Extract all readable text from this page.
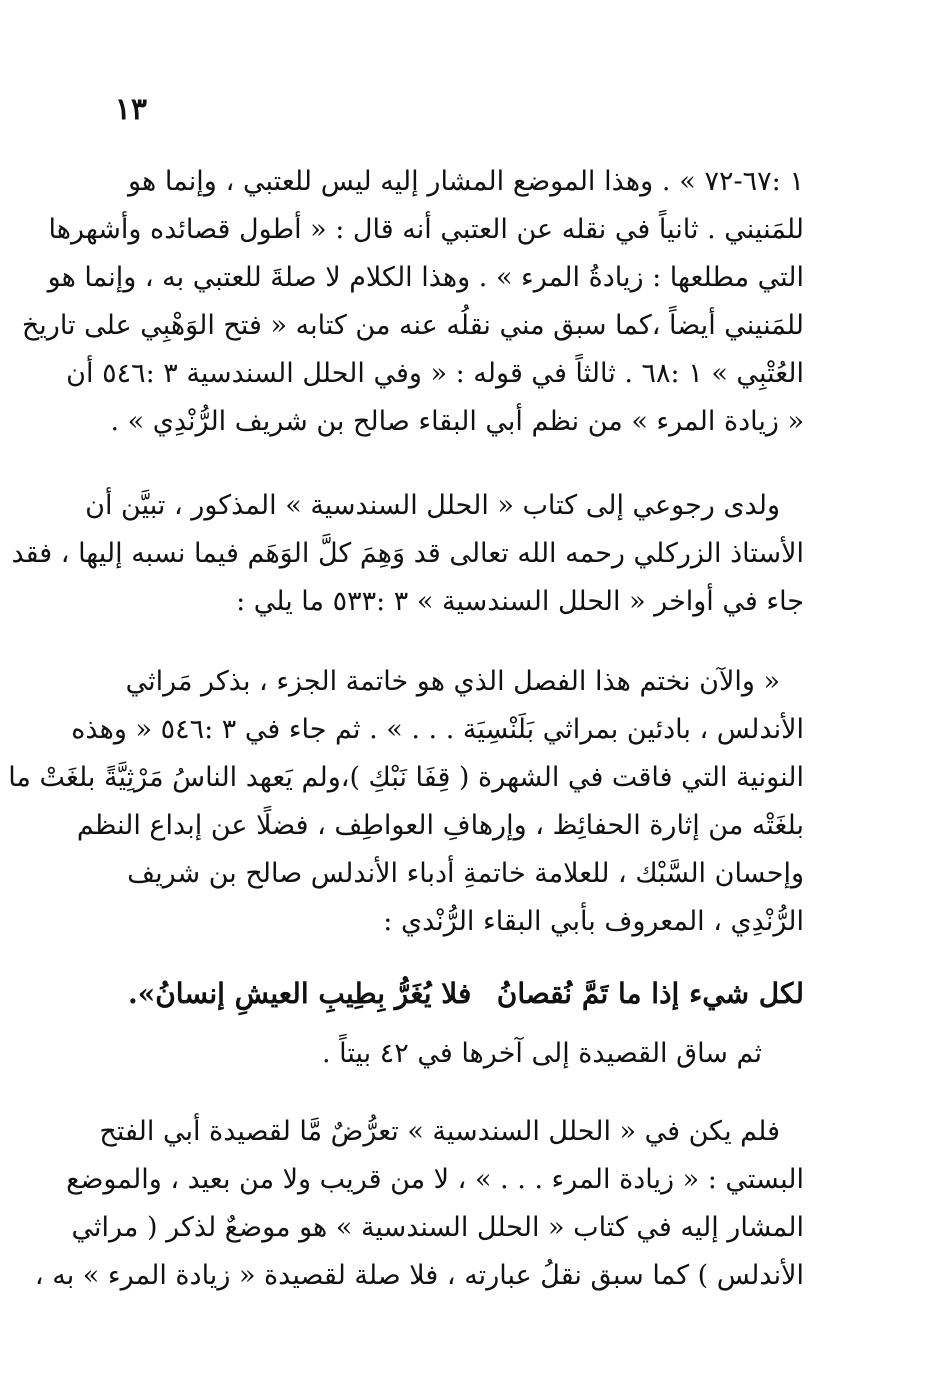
١٣
١ :٦٧-٧٢ » . وهذا الموضع المشار إليه ليس للعتبي ، وإنما هو
للمَنيني . ثانياً في نقله عن العتبي أنه قال : « أطول قصائده وأشهرها
التي مطلعها : زيادةُ المرء » . وهذا الكلام لا صلةَ للعتبي به ، وإنما هو
للمَنيني أيضاً ،كما سبق مني نقلُه عنه من كتابه « فتح الوَهْبِي على تاريخ
العُتْبِي » ١ :٦٨ . ثالثاً في قوله : « وفي الحلل السندسية ٣ :٥٤٦ أن
« زيادة المرء » من نظم أبي البقاء صالح بن شريف الرُّنْدِي » .
ولدى رجوعي إلى كتاب « الحلل السندسية » المذكور ، تبيَّن أن
الأستاذ الزركلي رحمه الله تعالى قد وَهِمَ كلَّ الوَهَم فيما نسبه إليها ، فقد
جاء في أواخر « الحلل السندسية » ٣ :٥٣٣ ما يلي :
« والآن نختم هذا الفصل الذي هو خاتمة الجزء ، بذكر مَراثي
الأندلس ، بادئين بمراثي بَلَنْسِيَة . . . » . ثم جاء في ٣ :٥٤٦ « وهذه
النونية التي فاقت في الشهرة ( قِفَا نَبْكِ )،ولم يَعهد الناسُ مَرْثِيَّةً بلغَتْ ما
بلغَتْه من إثارة الحفائِظ ، وإرهافِ العواطِف ، فضلًا عن إبداع النظم
وإحسان السَّبْك ، للعلامة خاتمةِ أدباء الأندلس صالح بن شريف
الرُّنْدِي ، المعروف بأبي البقاء الرُّنْدي :
لكل شيء إذا ما تَمَّ نُقصانُ
فلا يُغَرُّ بِطِيبِ العيشِ إنسانُ».
ثم ساق القصيدة إلى آخرها في ٤٢ بيتاً .
فلم يكن في « الحلل السندسية » تعرُّضٌ مَّا لقصيدة أبي الفتح
البستي : « زيادة المرء . . . » ، لا من قريب ولا من بعيد ، والموضع
المشار إليه في كتاب « الحلل السندسية » هو موضعٌ لذكر ( مراثي
الأندلس ) كما سبق نقلُ عبارته ، فلا صلة لقصيدة « زيادة المرء » به ،
